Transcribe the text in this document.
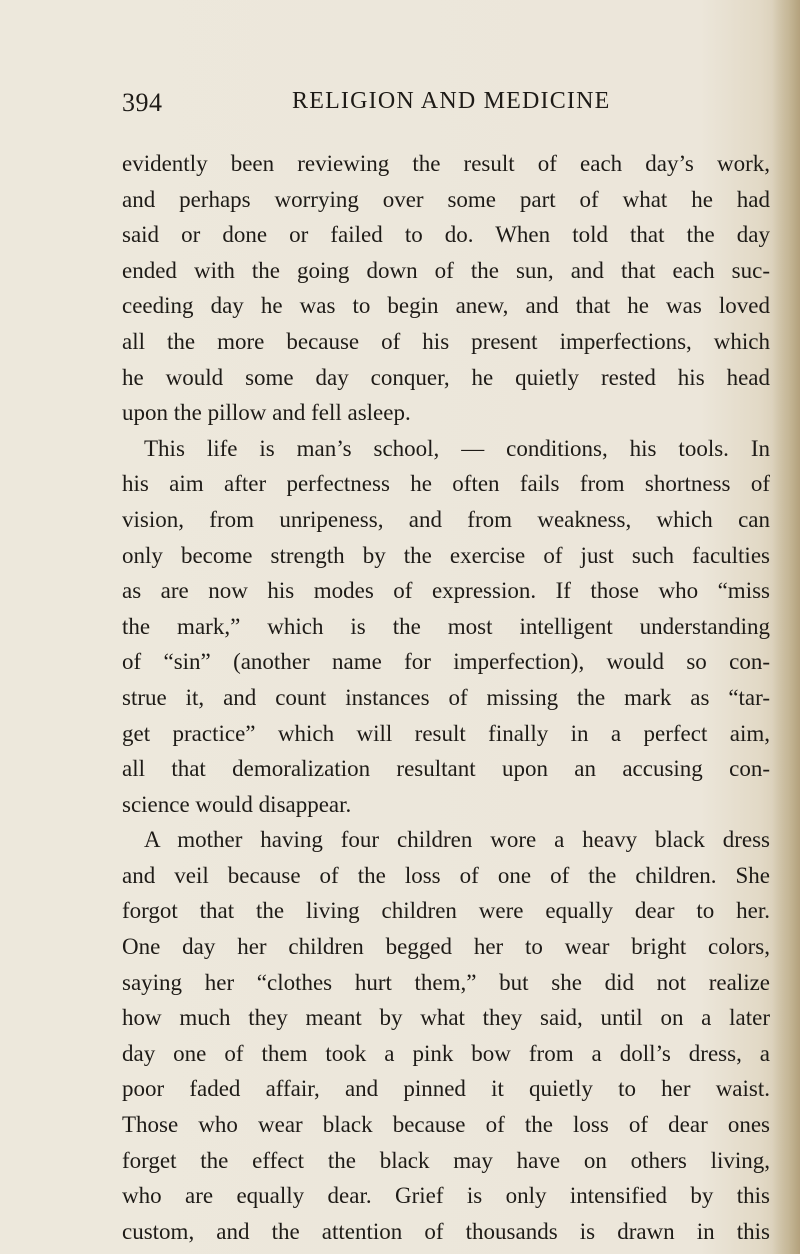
394	RELIGION AND MEDICINE
evidently been reviewing the result of each day’s work,
and perhaps worrying over some part of what he had
said or done or failed to do. When told that the day
ended with the going down of the sun, and that each suc-
ceeding day he was to begin anew, and that he was loved
all the more because of his present imperfections, which
he would some day conquer, he quietly rested his head
upon the pillow and fell asleep.
This life is man’s school, — conditions, his tools. In
his aim after perfectness he often fails from shortness of
vision, from unripeness, and from weakness, which can
only become strength by the exercise of just such faculties
as are now his modes of expression. If those who “miss
the mark,” which is the most intelligent understanding
of “sin” (another name for imperfection), would so con-
strue it, and count instances of missing the mark as “tar-
get practice” which will result finally in a perfect aim,
all that demoralization resultant upon an accusing con-
science would disappear.
A mother having four children wore a heavy black dress
and veil because of the loss of one of the children. She
forgot that the living children were equally dear to her.
One day her children begged her to wear bright colors,
saying her “clothes hurt them,” but she did not realize
how much they meant by what they said, until on a later
day one of them took a pink bow from a doll’s dress, a
poor faded affair, and pinned it quietly to her waist.
Those who wear black because of the loss of dear ones
forget the effect the black may have on others living,
who are equally dear. Grief is only intensified by this
custom, and the attention of thousands is drawn in this
